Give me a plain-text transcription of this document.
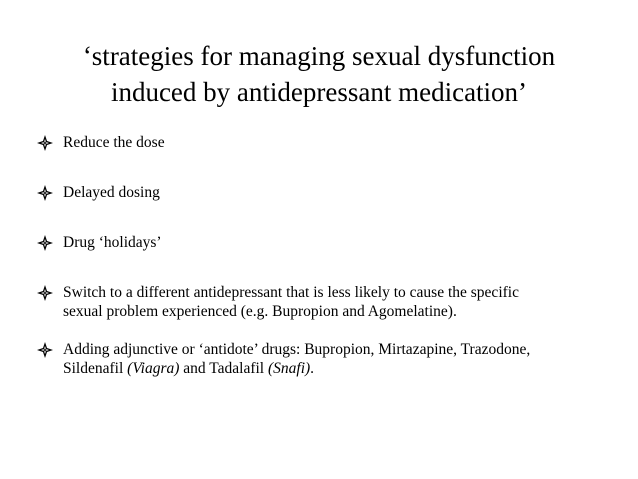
‘strategies for managing sexual dysfunction
induced by antidepressant medication’
Reduce the dose
Delayed dosing
Drug ‘holidays’
Switch to a different antidepressant that is less likely to cause the specific
sexual problem experienced (e.g. Bupropion and Agomelatine).
Adding adjunctive or ‘antidote’ drugs: Bupropion, Mirtazapine, Trazodone,
Sildenafil (Viagra) and Tadalafil (Snafi).
